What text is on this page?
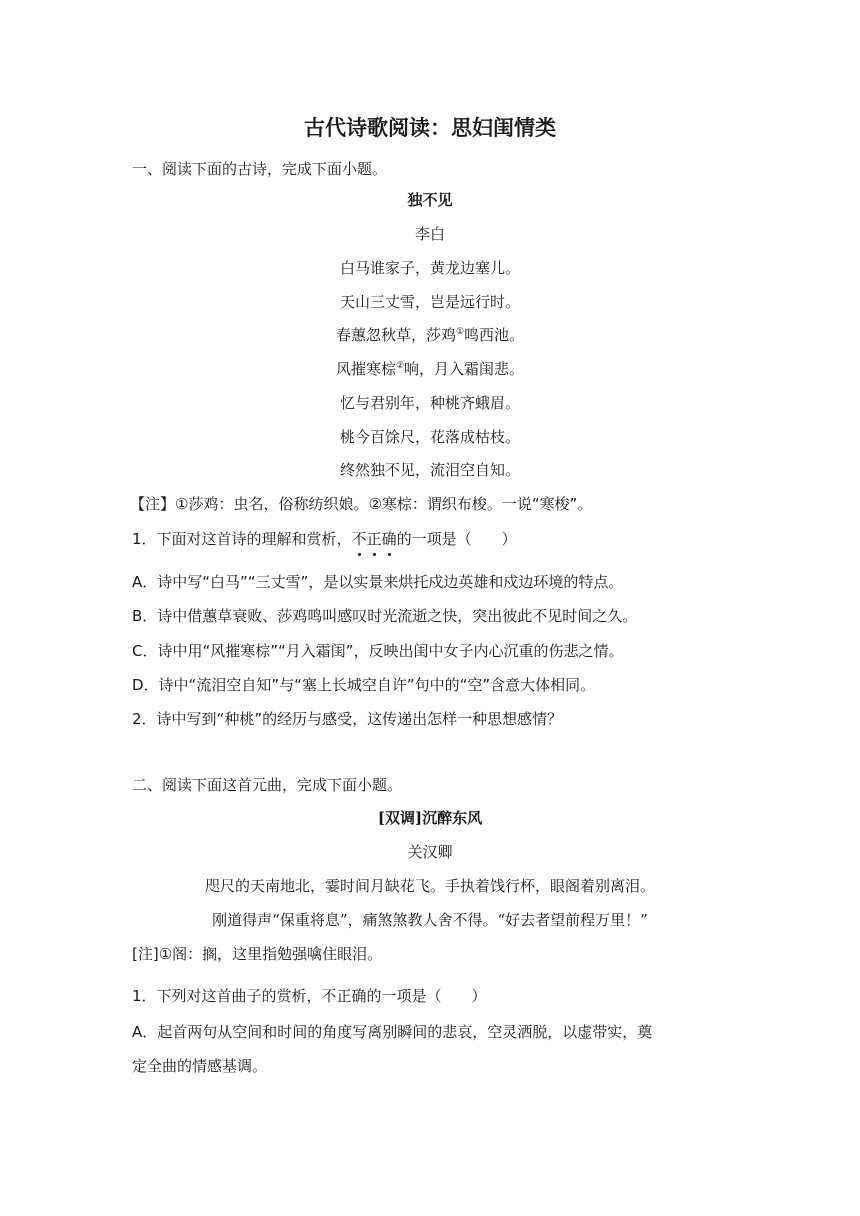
古代诗歌阅读：思妇闺情类
一、阅读下面的古诗，完成下面小题。
独不见
李白
白马谁家子，黄龙边塞儿。
天山三丈雪，岂是远行时。
春蕙忽秋草，莎鸡①鸣西池。
风摧寒棕②响，月入霜闺悲。
忆与君别年，种桃齐蛾眉。
桃今百馀尺，花落成枯枝。
终然独不见，流泪空自知。
【注】①莎鸡：虫名，俗称纺织娘。②寒棕：谓织布梭。一说“寒梭”。
1．下面对这首诗的理解和赏析，不正确的一项是（　　）
A．诗中写“白马”“三丈雪”，是以实景来烘托戍边英雄和戍边环境的特点。
B．诗中借蕙草衰败、莎鸡鸣叫感叹时光流逝之快，突出彼此不见时间之久。
C．诗中用“风摧寒棕”“月入霜闺”，反映出闺中女子内心沉重的伤悲之情。
D．诗中“流泪空自知”与“塞上长城空自许”句中的“空”含意大体相同。
2．诗中写到“种桃”的经历与感受，这传递出怎样一种思想感情？
二、阅读下面这首元曲，完成下面小题。
[双调]沉醉东风
关汉卿
咫尺的天南地北，霎时间月缺花飞。手执着饯行杯，眼阁着别离泪。
刚道得声“保重将息”，痛煞煞教人舍不得。“好去者望前程万里！”
[注]①阁：搁，这里指勉强噙住眼泪。
1．下列对这首曲子的赏析，不正确的一项是（　　）
A．起首两句从空间和时间的角度写离别瞬间的悲哀，空灵洒脱，以虚带实，奠
定全曲的情感基调。
